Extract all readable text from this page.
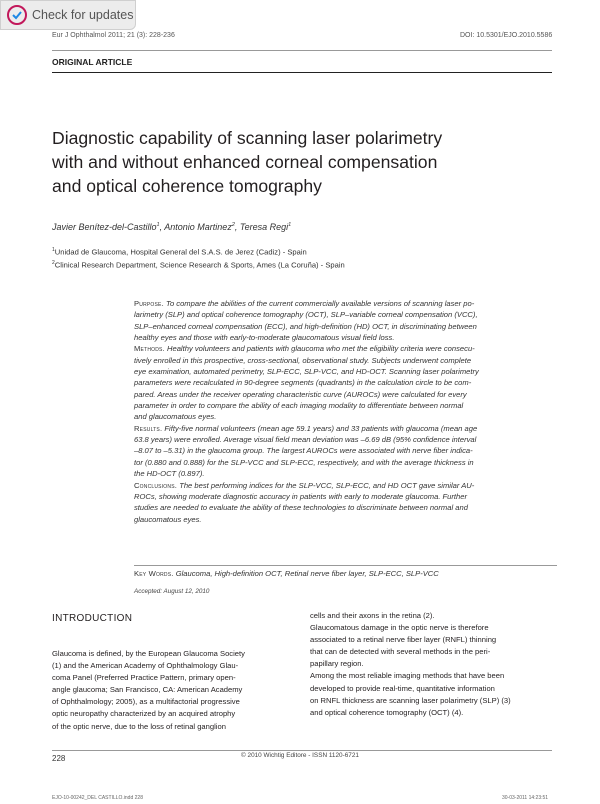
Check for updates
Eur J Ophthalmol 2011; 21 (3): 228-236	DOI: 10.5301/EJO.2010.5586
ORIGINAL ARTICLE
Diagnostic capability of scanning laser polarimetry
with and without enhanced corneal compensation
and optical coherence tomography
Javier Benítez-del-Castillo$^1$, Antonio Martinez$^2$, Teresa Regi$^1$
$^1$Unidad de Glaucoma, Hospital General del S.A.S. de Jerez (Cadiz) - Spain
$^2$Clinical Research Department, Science Research & Sports, Ames (La Coruña) - Spain
Purpose. To compare the abilities of the current commercially available versions of scanning laser po-
larimetry (SLP) and optical coherence tomography (OCT), SLP–variable corneal compensation (VCC),
SLP–enhanced corneal compensation (ECC), and high-definition (HD) OCT, in discriminating between
healthy eyes and those with early-to-moderate glaucomatous visual field loss.
Methods. Healthy volunteers and patients with glaucoma who met the eligibility criteria were consecu-
tively enrolled in this prospective, cross-sectional, observational study. Subjects underwent complete
eye examination, automated perimetry, SLP-ECC, SLP-VCC, and HD-OCT. Scanning laser polarimetry
parameters were recalculated in 90-degree segments (quadrants) in the calculation circle to be com-
pared. Areas under the receiver operating characteristic curve (AUROCs) were calculated for every
parameter in order to compare the ability of each imaging modality to differentiate between normal
and glaucomatous eyes.
Results. Fifty-five normal volunteers (mean age 59.1 years) and 33 patients with glaucoma (mean age
63.8 years) were enrolled. Average visual field mean deviation was –6.69 dB (95% confidence interval
–8.07 to –5.31) in the glaucoma group. The largest AUROCs were associated with nerve fiber indica-
tor (0.880 and 0.888) for the SLP-VCC and SLP-ECC, respectively, and with the average thickness in
the HD-OCT (0.897).
Conclusions. The best performing indices for the SLP-VCC, SLP-ECC, and HD OCT gave similar AU-
ROCs, showing moderate diagnostic accuracy in patients with early to moderate glaucoma. Further
studies are needed to evaluate the ability of these technologies to discriminate between normal and
glaucomatous eyes.
Key Words. Glaucoma, High-definition OCT, Retinal nerve fiber layer, SLP-ECC, SLP-VCC
Accepted: August 12, 2010
INTRODUCTION
Glaucoma is defined, by the European Glaucoma Society
(1) and the American Academy of Ophthalmology Glau-
coma Panel (Preferred Practice Pattern, primary open-
angle glaucoma; San Francisco, CA: American Academy
of Ophthalmology; 2005), as a multifactorial progressive
optic neuropathy characterized by an acquired atrophy
of the optic nerve, due to the loss of retinal ganglion
cells and their axons in the retina (2).
Glaucomatous damage in the optic nerve is therefore
associated to a retinal nerve fiber layer (RNFL) thinning
that can de detected with several methods in the peri-
papillary region.
Among the most reliable imaging methods that have been
developed to provide real-time, quantitative information
on RNFL thickness are scanning laser polarimetry (SLP) (3)
and optical coherence tomography (OCT) (4).
228	© 2010 Wichtig Editore - ISSN 1120-6721
EJO-10-00242_DEL CASTILLO.indd 228	30-03-2011 14:23:51
